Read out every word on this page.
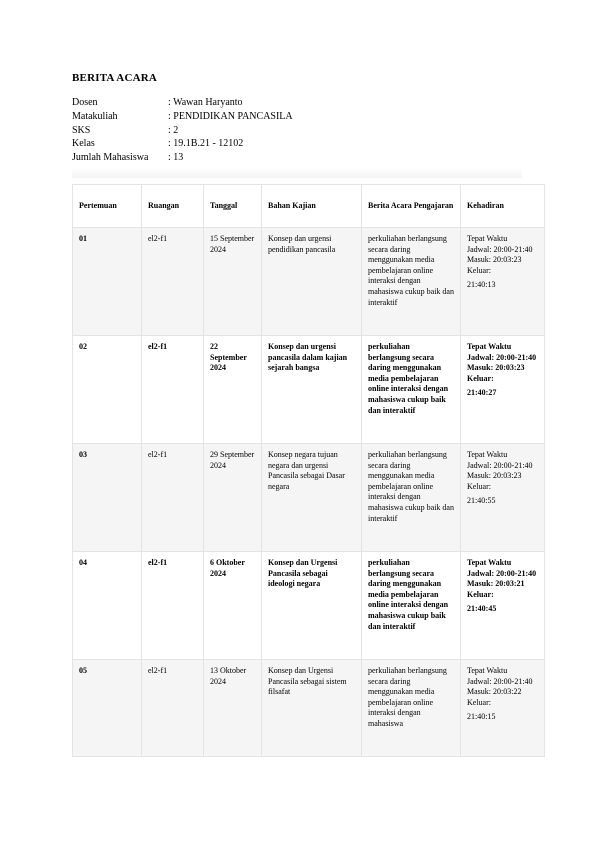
BERITA ACARA
Dosen	: Wawan Haryanto
Matakuliah	: PENDIDIKAN PANCASILA
SKS	: 2
Kelas	: 19.1B.21 - 12102
Jumlah Mahasiswa	: 13
Pertemuan	Ruangan	Tanggal	Bahan Kajian	Berita Acara Pengajaran	Kehadiran
01	el2-f1	15 September 2024	Konsep dan urgensi pendidikan pancasila	perkuliahan berlangsung secara daring menggunakan media pembelajaran online interaksi dengan mahasiswa cukup baik dan interaktif	Tepat Waktu
Jadwal: 20:00-21:40
Masuk: 20:03:23
Keluar:
21:40:13

02	el2-f1	22 September 2024	Konsep dan urgensi pancasila dalam kajian sejarah bangsa	perkuliahan berlangsung secara daring menggunakan media pembelajaran online interaksi dengan mahasiswa cukup baik dan interaktif	Tepat Waktu
Jadwal: 20:00-21:40
Masuk: 20:03:23
Keluar:
21:40:27

03	el2-f1	29 September 2024	Konsep negara tujuan negara dan urgensi Pancasila sebagai Dasar negara	perkuliahan berlangsung secara daring menggunakan media pembelajaran online interaksi dengan mahasiswa cukup baik dan interaktif	Tepat Waktu
Jadwal: 20:00-21:40
Masuk: 20:03:23
Keluar:
21:40:55

04	el2-f1	6 Oktober 2024	Konsep dan Urgensi Pancasila sebagai ideologi negara	perkuliahan berlangsung secara daring menggunakan media pembelajaran online interaksi dengan mahasiswa cukup baik dan interaktif	Tepat Waktu
Jadwal: 20:00-21:40
Masuk: 20:03:21
Keluar:
21:40:45

05	el2-f1	13 Oktober 2024	Konsep dan Urgensi Pancasila sebagai sistem filsafat	perkuliahan berlangsung secara daring menggunakan media pembelajaran online interaksi dengan mahasiswa	Tepat Waktu
Jadwal: 20:00-21:40
Masuk: 20:03:22
Keluar:
21:40:15
